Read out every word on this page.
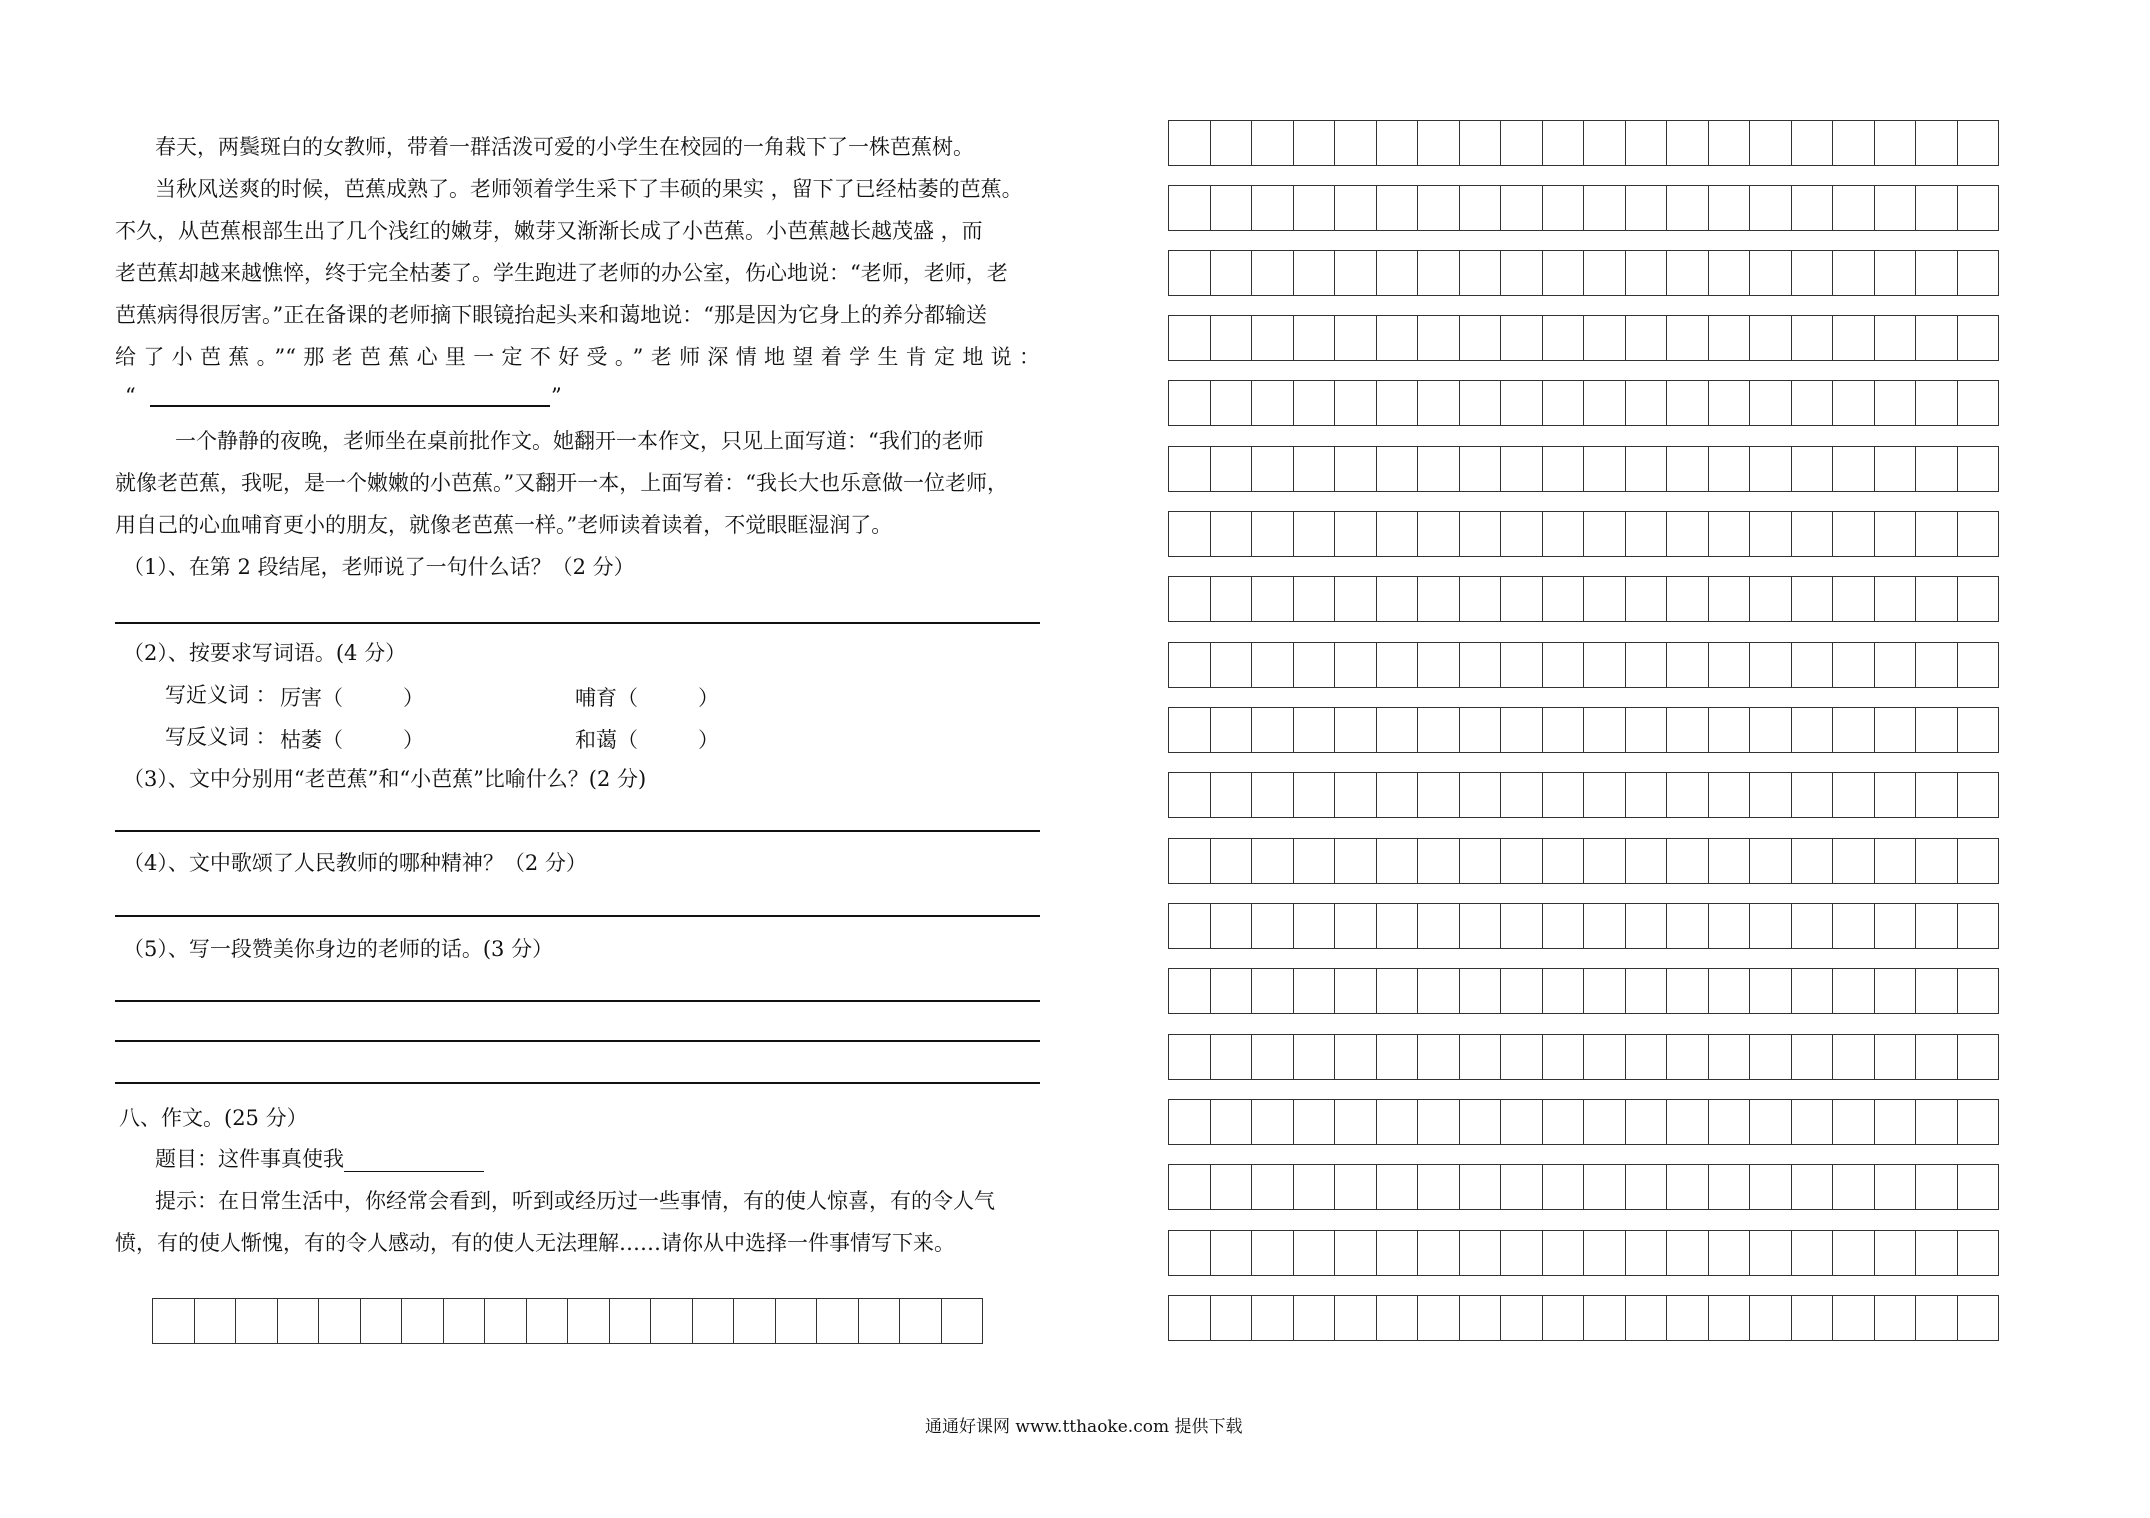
春天，两鬓斑白的女教师，带着一群活泼可爱的小学生在校园的一角栽下了一株芭蕉树。
当秋风送爽的时候，芭蕉成熟了。老师领着学生采下了丰硕的果实 ，留下了已经枯萎的芭蕉。
不久，从芭蕉根部生出了几个浅红的嫩芽，嫩芽又渐渐长成了小芭蕉。小芭蕉越长越茂盛 ，而
老芭蕉却越来越憔悴，终于完全枯萎了。学生跑进了老师的办公室，伤心地说：“老师，老师，老
芭蕉病得很厉害。”正在备课的老师摘下眼镜抬起头来和蔼地说：“那是因为它身上的养分都输送
给了小芭蕉。”“那老芭蕉心里一定不好受。”老师深情地望着学生肯定地说：
“	”
一个静静的夜晚，老师坐在桌前批作文。她翻开一本作文，只见上面写道：“我们的老师
就像老芭蕉，我呢，是一个嫩嫩的小芭蕉。”又翻开一本，上面写着：“我长大也乐意做一位老师，
用自己的心血哺育更小的朋友，就像老芭蕉一样。”老师读着读着，不觉眼眶湿润了。
（1）、在第 2 段结尾，老师说了一句什么话？（2 分）
（2）、按要求写词语。(4 分）
写近义词 ： 厉害（	）	哺育（	）
写反义词 ： 枯萎（	）	和蔼（	）
（3）、文中分别用“老芭蕉”和“小芭蕉”比喻什么？(2 分)
（4）、文中歌颂了人民教师的哪种精神？（2 分）
（5）、写一段赞美你身边的老师的话。(3 分）
八、作文。(25 分）
题目：这件事真使我
提示：在日常生活中，你经常会看到，听到或经历过一些事情，有的使人惊喜，有的令人气
愤，有的使人惭愧，有的令人感动，有的使人无法理解……请你从中选择一件事情写下来。
通通好课网 www.tthaoke.com 提供下载
